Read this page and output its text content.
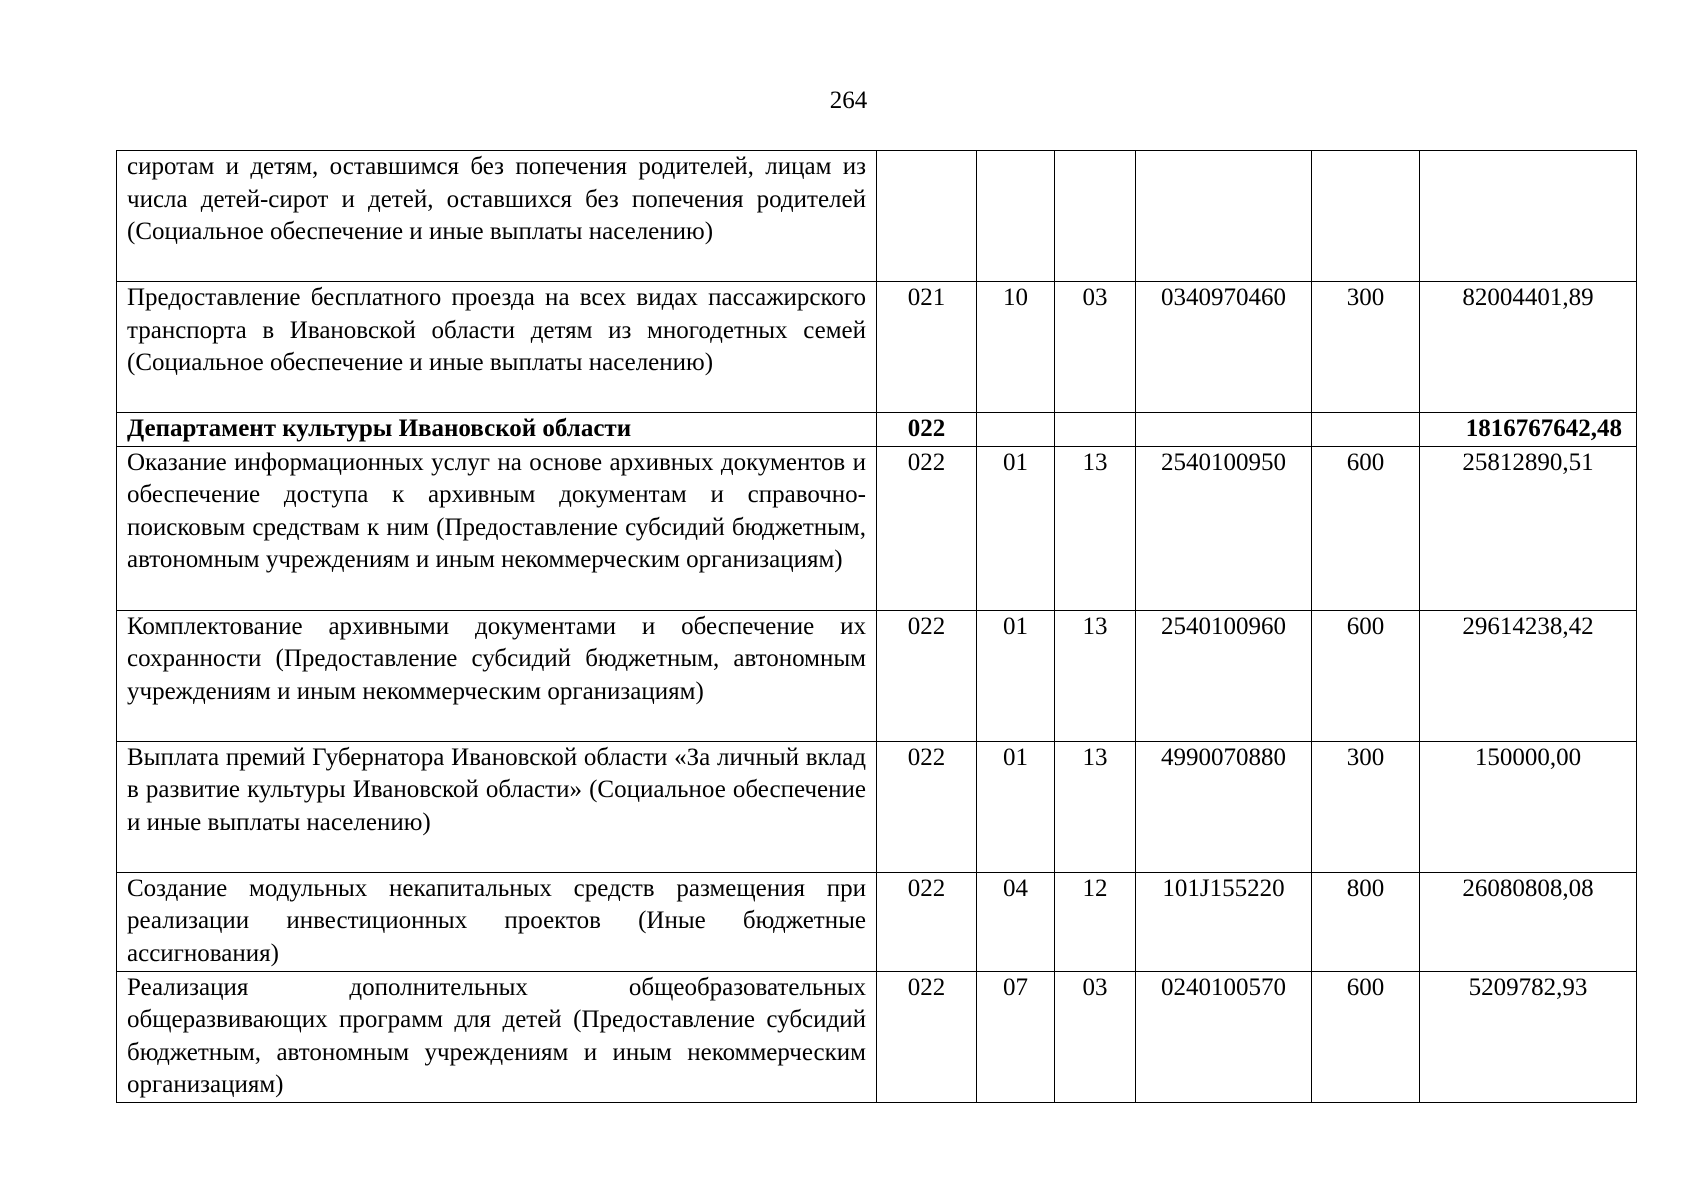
264
сиротам и детям, оставшимся без попечения родителей, лицам из числа детей-сирот и детей, оставшихся без попечения родителей (Социальное обеспечение и иные выплаты населению)						
Предоставление бесплатного проезда на всех видах пассажирского транспорта в Ивановской области детям из многодетных семей (Социальное обеспечение и иные выплаты населению)	021	10	03	0340970460	300	82004401,89
Департамент культуры Ивановской области	022					1816767642,48
Оказание информационных услуг на основе архивных документов и обеспечение доступа к архивным документам и справочно-поисковым средствам к ним (Предоставление субсидий бюджетным, автономным учреждениям и иным некоммерческим организациям)	022	01	13	2540100950	600	25812890,51
Комплектование архивными документами и обеспечение их сохранности (Предоставление субсидий бюджетным, автономным учреждениям и иным некоммерческим организациям)	022	01	13	2540100960	600	29614238,42
Выплата премий Губернатора Ивановской области «За личный вклад в развитие культуры Ивановской области» (Социальное обеспечение и иные выплаты населению)	022	01	13	4990070880	300	150000,00
Создание модульных некапитальных средств размещения при реализации инвестиционных проектов (Иные бюджетные ассигнования)	022	04	12	101J155220	800	26080808,08
Реализация дополнительных общеобразовательных общеразвивающих программ для детей (Предоставление субсидий бюджетным, автономным учреждениям и иным некоммерческим организациям)	022	07	03	0240100570	600	5209782,93
